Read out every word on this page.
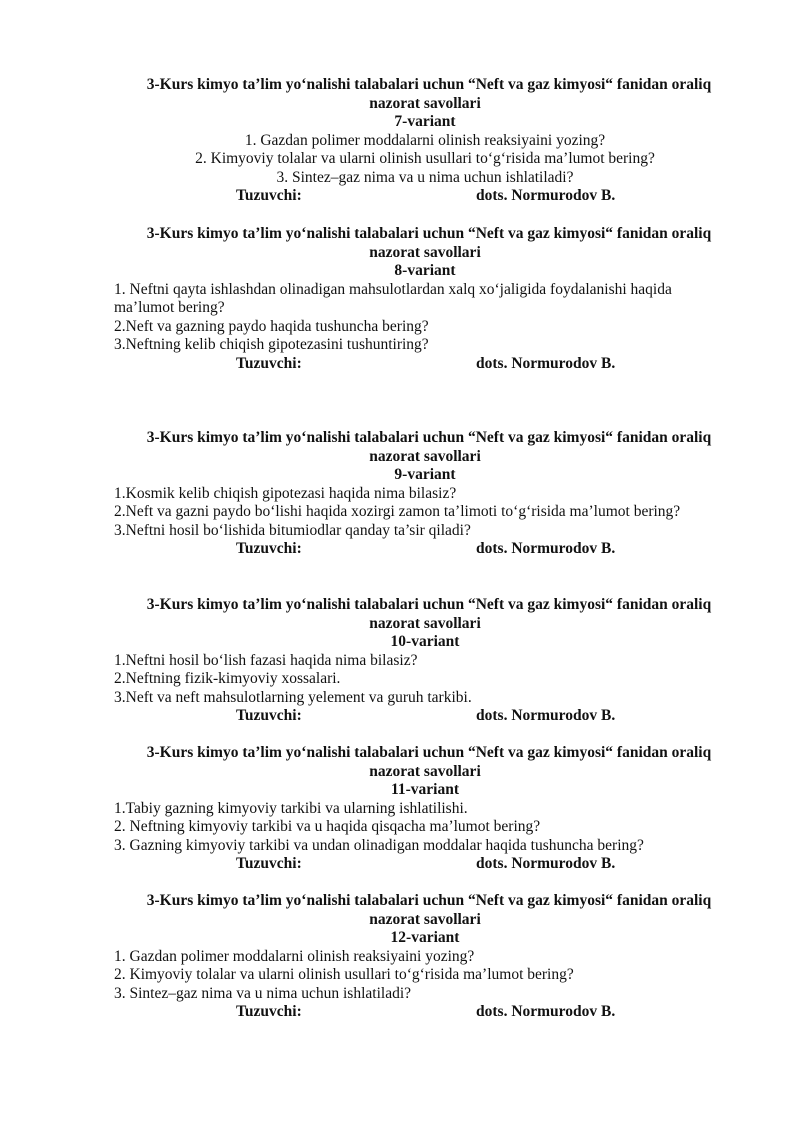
3-Kurs kimyo ta’lim yo‘nalishi talabalari uchun “Neft va gaz kimyosi“ fanidan oraliq
nazorat savollari
7-variant
1. Gazdan polimer moddalarni olinish reaksiyaini yozing?
2. Kimyoviy tolalar va ularni olinish usullari to‘g‘risida ma’lumot bering?
3. Sintez–gaz nima va u nima uchun ishlatiladi?
Tuzuvchi:	dots. Normurodov B.
3-Kurs kimyo ta’lim yo‘nalishi talabalari uchun “Neft va gaz kimyosi“ fanidan oraliq
nazorat savollari
8-variant
1. Neftni qayta ishlashdan olinadigan mahsulotlardan xalq xo‘jaligida foydalanishi haqida
ma’lumot bering?
2.Neft va gazning paydo haqida tushuncha bering?
3.Neftning kelib chiqish gipotezasini tushuntiring?
Tuzuvchi:	dots. Normurodov B.
3-Kurs kimyo ta’lim yo‘nalishi talabalari uchun “Neft va gaz kimyosi“ fanidan oraliq
nazorat savollari
9-variant
1.Kosmik kelib chiqish gipotezasi haqida nima bilasiz?
2.Neft va gazni paydo bo‘lishi haqida xozirgi zamon ta’limoti to‘g‘risida ma’lumot bering?
3.Neftni hosil bo‘lishida bitumiodlar qanday ta’sir qiladi?
Tuzuvchi:	dots. Normurodov B.
3-Kurs kimyo ta’lim yo‘nalishi talabalari uchun “Neft va gaz kimyosi“ fanidan oraliq
nazorat savollari
10-variant
1.Neftni hosil bo‘lish fazasi haqida nima bilasiz?
2.Neftning fizik-kimyoviy xossalari.
3.Neft va neft mahsulotlarning yelement va guruh tarkibi.
Tuzuvchi:	dots. Normurodov B.
3-Kurs kimyo ta’lim yo‘nalishi talabalari uchun “Neft va gaz kimyosi“ fanidan oraliq
nazorat savollari
11-variant
1.Tabiy gazning kimyoviy tarkibi va ularning ishlatilishi.
2. Neftning kimyoviy tarkibi va u haqida qisqacha ma’lumot bering?
3. Gazning kimyoviy tarkibi va undan olinadigan moddalar haqida tushuncha bering?
Tuzuvchi:	dots. Normurodov B.
3-Kurs kimyo ta’lim yo‘nalishi talabalari uchun “Neft va gaz kimyosi“ fanidan oraliq
nazorat savollari
12-variant
1. Gazdan polimer moddalarni olinish reaksiyaini yozing?
2. Kimyoviy tolalar va ularni olinish usullari to‘g‘risida ma’lumot bering?
3. Sintez–gaz nima va u nima uchun ishlatiladi?
Tuzuvchi:	dots. Normurodov B.
